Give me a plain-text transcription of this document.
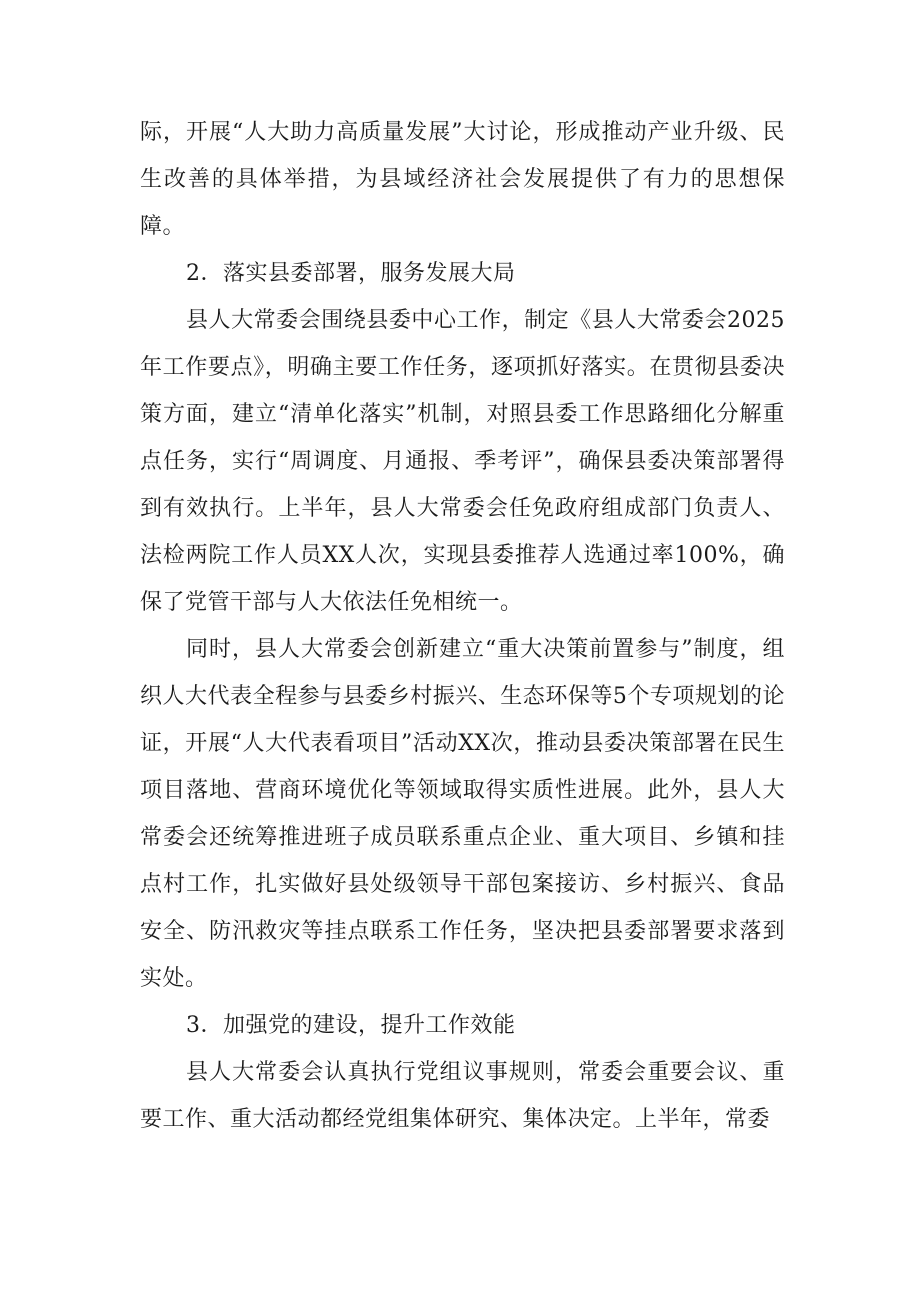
际，开展“人大助力高质量发展”大讨论，形成推动产业升级、民生改善的具体举措，为县域经济社会发展提供了有力的思想保障。

2．落实县委部署，服务发展大局

县人大常委会围绕县委中心工作，制定《县人大常委会2025年工作要点》，明确主要工作任务，逐项抓好落实。在贯彻县委决策方面，建立“清单化落实”机制，对照县委工作思路细化分解重点任务，实行“周调度、月通报、季考评”，确保县委决策部署得到有效执行。上半年，县人大常委会任免政府组成部门负责人、法检两院工作人员XX人次，实现县委推荐人选通过率100%，确保了党管干部与人大依法任免相统一。

同时，县人大常委会创新建立“重大决策前置参与”制度，组织人大代表全程参与县委乡村振兴、生态环保等5个专项规划的论证，开展“人大代表看项目”活动XX次，推动县委决策部署在民生项目落地、营商环境优化等领域取得实质性进展。此外，县人大常委会还统筹推进班子成员联系重点企业、重大项目、乡镇和挂点村工作，扎实做好县处级领导干部包案接访、乡村振兴、食品安全、防汛救灾等挂点联系工作任务，坚决把县委部署要求落到实处。

3．加强党的建设，提升工作效能

县人大常委会认真执行党组议事规则，常委会重要会议、重要工作、重大活动都经党组集体研究、集体决定。上半年，常委
